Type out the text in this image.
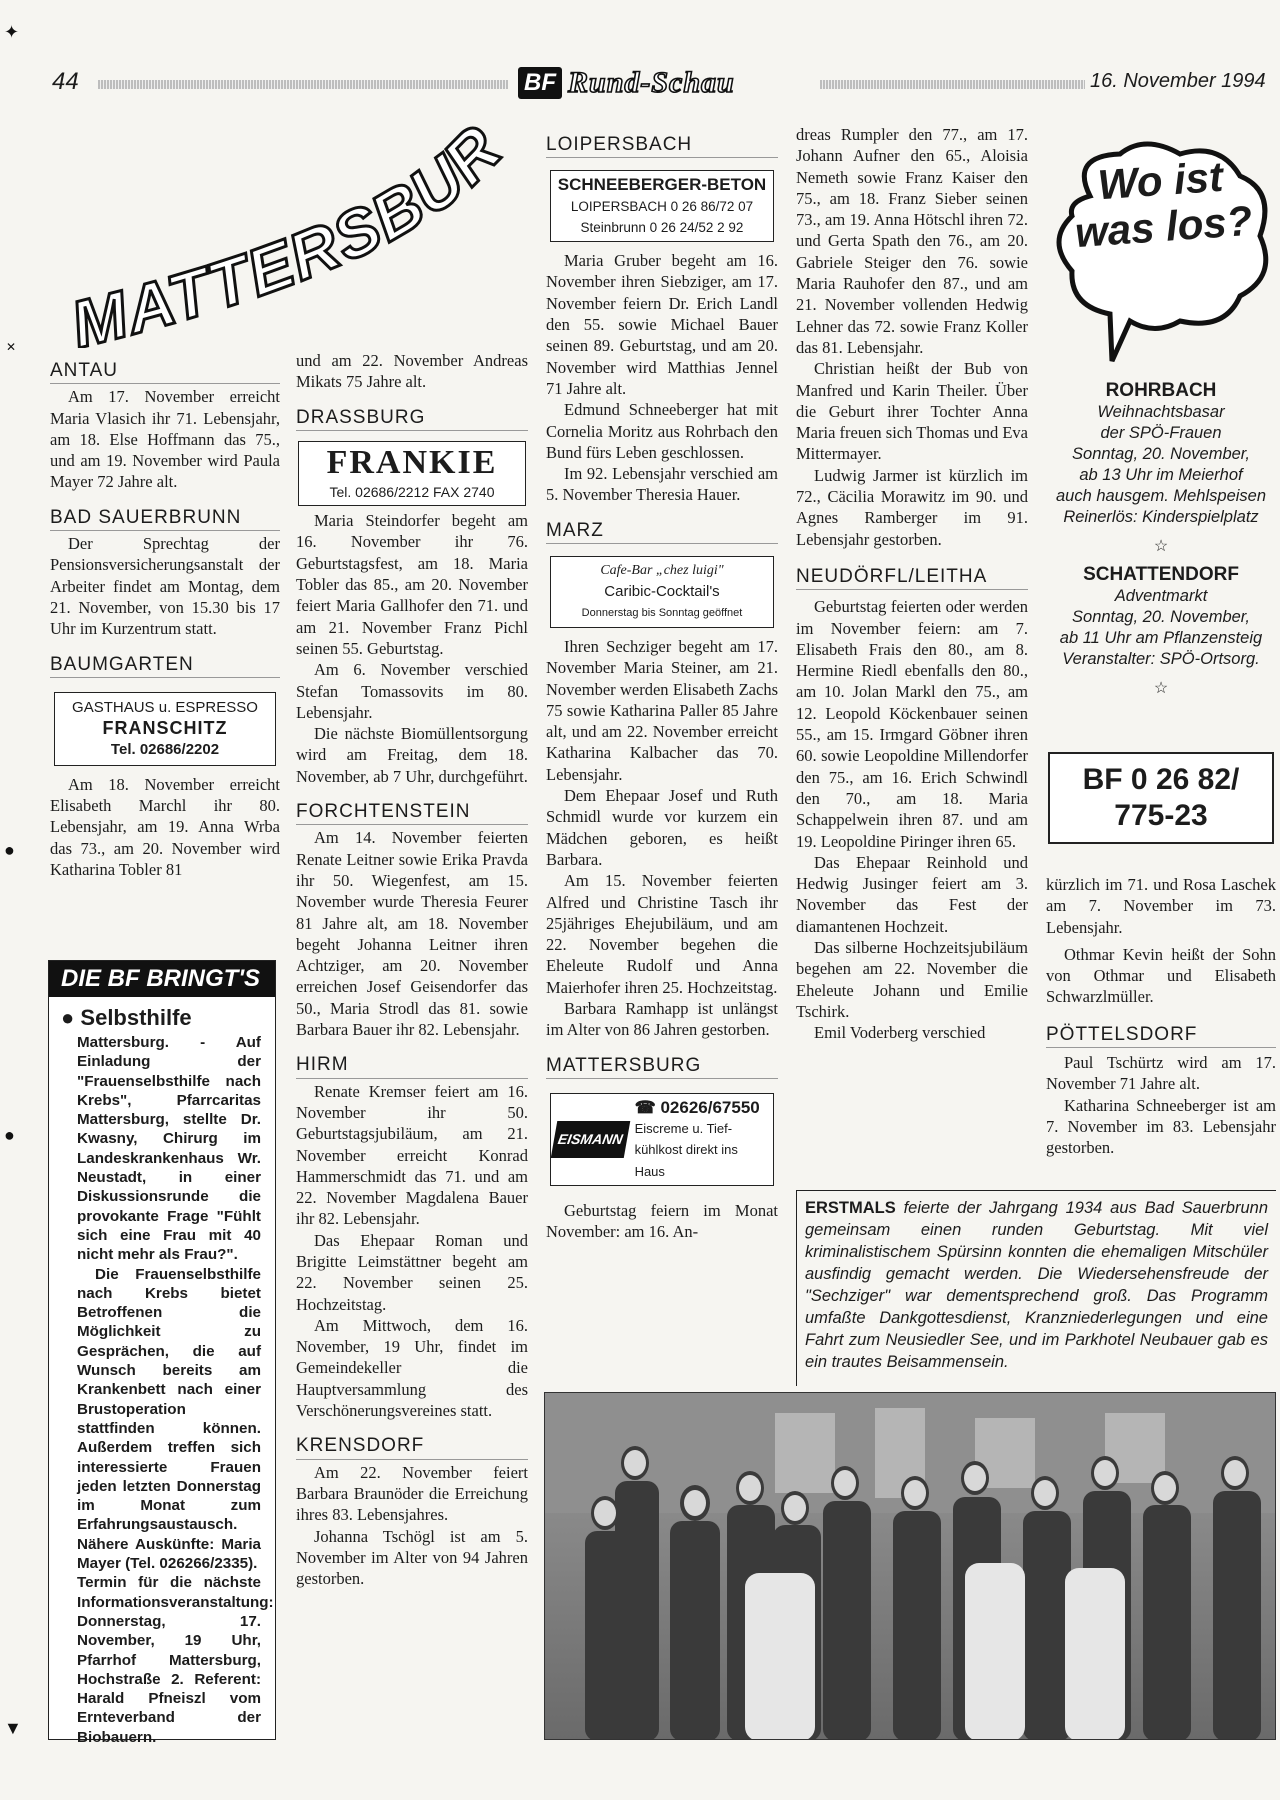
✦
✕
●
●
▼
44	BF Rund-Schau	16. November 1994
MATTERSBUR
ANTAU

Am 17. November erreicht Maria Vlasich ihr 71. Lebensjahr, am 18. Else Hoffmann das 75., und am 19. November wird Paula Mayer 72 Jahre alt.

BAD SAUERBRUNN

Der Sprechtag der Pensionsversicherungsanstalt der Arbeiter findet am Montag, dem 21. November, von 15.30 bis 17 Uhr im Kurzentrum statt.

BAUMGARTEN
GASTHAUS u. ESPRESSO
FRANSCHITZ
Tel. 02686/2202

Am 18. November erreicht Elisabeth Marchl ihr 80. Lebensjahr, am 19. Anna Wrba das 73., am 20. November wird Katharina Tobler 81

DIE BF BRINGT'S
● Selbsthilfe

Mattersburg. - Auf Einladung der "Frauenselbsthilfe nach Krebs", Pfarrcaritas Mattersburg, stellte Dr. Kwasny, Chirurg im Landeskrankenhaus Wr. Neustadt, in einer Diskussionsrunde die provokante Frage "Fühlt sich eine Frau mit 40 nicht mehr als Frau?".

Die Frauenselbsthilfe nach Krebs bietet Betroffenen die Möglichkeit zu Gesprächen, die auf Wunsch bereits am Krankenbett nach einer Brustoperation stattfinden können. Außerdem treffen sich interessierte Frauen jeden letzten Donnerstag im Monat zum Erfahrungsaustausch. Nähere Auskünfte: Maria Mayer (Tel. 026266/2335).

Termin für die nächste Informationsveranstaltung: Donnerstag, 17. November, 19 Uhr, Pfarrhof Mattersburg, Hochstraße 2. Referent: Harald Pfneiszl vom Ernteverband der Biobauern.

und am 22. November Andreas Mikats 75 Jahre alt.

DRASSBURG
FRANKIE
Tel. 02686/2212 FAX 2740

Maria Steindorfer begeht am 16. November ihr 76. Geburtstagsfest, am 18. Maria Tobler das 85., am 20. November feiert Maria Gallhofer den 71. und am 21. November Franz Pichl seinen 55. Geburtstag.

Am 6. November verschied Stefan Tomassovits im 80. Lebensjahr.

Die nächste Biomüllentsorgung wird am Freitag, dem 18. November, ab 7 Uhr, durchgeführt.

FORCHTENSTEIN

Am 14. November feierten Renate Leitner sowie Erika Pravda ihr 50. Wiegenfest, am 15. November wurde Theresia Feurer 81 Jahre alt, am 18. November begeht Johanna Leitner ihren Achtziger, am 20. November erreichen Josef Geisendorfer das 50., Maria Strodl das 81. sowie Barbara Bauer ihr 82. Lebensjahr.

HIRM

Renate Kremser feiert am 16. November ihr 50. Geburtstagsjubiläum, am 21. November erreicht Konrad Hammerschmidt das 71. und am 22. November Magdalena Bauer ihr 82. Lebensjahr.

Das Ehepaar Roman und Brigitte Leimstättner begeht am 22. November seinen 25. Hochzeitstag.

Am Mittwoch, dem 16. November, 19 Uhr, findet im Gemeindekeller die Hauptversammlung des Verschönerungsvereines statt.

KRENSDORF

Am 22. November feiert Barbara Braunöder die Erreichung ihres 83. Lebensjahres.

Johanna Tschögl ist am 5. November im Alter von 94 Jahren gestorben.

LOIPERSBACH
SCHNEEBERGER-BETON
LOIPERSBACH 0 26 86/72 07
Steinbrunn 0 26 24/52 2 92

Maria Gruber begeht am 16. November ihren Siebziger, am 17. November feiern Dr. Erich Landl den 55. sowie Michael Bauer seinen 89. Geburtstag, und am 20. November wird Matthias Jennel 71 Jahre alt.

Edmund Schneeberger hat mit Cornelia Moritz aus Rohrbach den Bund fürs Leben geschlossen.

Im 92. Lebensjahr verschied am 5. November Theresia Hauer.

MARZ
Cafe-Bar „chez luigi"
Caribic-Cocktail's
Donnerstag bis Sonntag geöffnet

Ihren Sechziger begeht am 17. November Maria Steiner, am 21. November werden Elisabeth Zachs 75 sowie Katharina Paller 85 Jahre alt, und am 22. November erreicht Katharina Kalbacher das 70. Lebensjahr.

Dem Ehepaar Josef und Ruth Schmidl wurde vor kurzem ein Mädchen geboren, es heißt Barbara.

Am 15. November feierten Alfred und Christine Tasch ihr 25jähriges Ehejubiläum, und am 22. November begehen die Eheleute Rudolf und Anna Maierhofer ihren 25. Hochzeitstag.

Barbara Ramhapp ist unlängst im Alter von 86 Jahren gestorben.

MATTERSBURG
EISMANN
☎ 02626/67550
Eiscreme u. Tief-
kühlkost direkt ins Haus

Geburtstag feiern im Monat November: am 16. An-

dreas Rumpler den 77., am 17. Johann Aufner den 65., Aloisia Nemeth sowie Franz Kaiser den 75., am 18. Franz Sieber seinen 73., am 19. Anna Hötschl ihren 72. und Gerta Spath den 76., am 20. Gabriele Steiger den 76. sowie Maria Rauhofer den 87., und am 21. November vollenden Hedwig Lehner das 72. sowie Franz Koller das 81. Lebensjahr.

Christian heißt der Bub von Manfred und Karin Theiler. Über die Geburt ihrer Tochter Anna Maria freuen sich Thomas und Eva Mittermayer.

Ludwig Jarmer ist kürzlich im 72., Cäcilia Morawitz im 90. und Agnes Ramberger im 91. Lebensjahr gestorben.

NEUDÖRFL/LEITHA

Geburtstag feierten oder werden im November feiern: am 7. Elisabeth Frais den 80., am 8. Hermine Riedl ebenfalls den 80., am 10. Jolan Markl den 75., am 12. Leopold Köckenbauer seinen 55., am 15. Irmgard Göbner ihren 60. sowie Leopoldine Millendorfer den 75., am 16. Erich Schwindl den 70., am 18. Maria Schappelwein ihren 87. und am 19. Leopoldine Piringer ihren 65.

Das Ehepaar Reinhold und Hedwig Jusinger feiert am 3. November das Fest der diamantenen Hochzeit.

Das silberne Hochzeitsjubiläum begehen am 22. November die Eheleute Johann und Emilie Tschirk.

Emil Voderberg verschied

Wo ist was los?
ROHRBACH
Weihnachtsbasar
der SPÖ-Frauen
Sonntag, 20. November,
ab 13 Uhr im Meierhof
auch hausgem. Mehlspeisen
Reinerlös: Kinderspielplatz
☆
SCHATTENDORF
Adventmarkt
Sonntag, 20. November,
ab 11 Uhr am Pflanzensteig
Veranstalter: SPÖ-Ortsorg.
☆
BF 0 26 82/
775-23

kürzlich im 71. und Rosa Laschek am 7. November im 73. Lebensjahr.

Othmar Kevin heißt der Sohn von Othmar und Elisabeth Schwarzlmüller.

PÖTTELSDORF

Paul Tschürtz wird am 17. November 71 Jahre alt.

Katharina Schneeberger ist am 7. November im 83. Lebensjahr gestorben.

ERSTMALS feierte der Jahrgang 1934 aus Bad Sauerbrunn gemeinsam einen runden Geburtstag. Mit viel kriminalistischem Spürsinn konnten die ehemaligen Mitschüler ausfindig gemacht werden. Die Wiedersehensfreude der "Sechziger" war dementsprechend groß. Das Programm umfaßte Dankgottesdienst, Kranzniederlegungen und eine Fahrt zum Neusiedler See, und im Parkhotel Neubauer gab es ein trautes Beisammensein.
